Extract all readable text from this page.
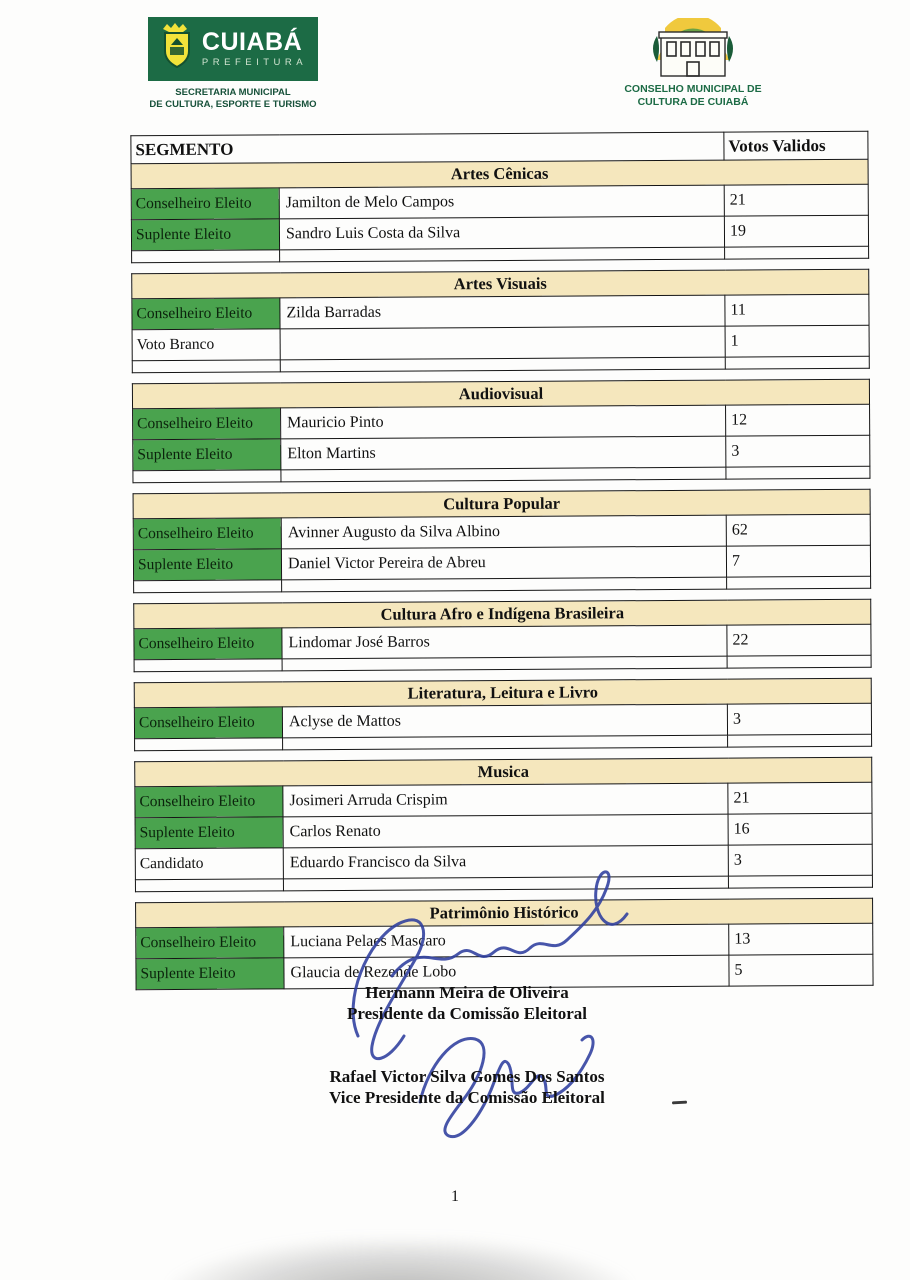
CUIABÁ
PREFEITURA
SECRETARIA MUNICIPAL
DE CULTURA, ESPORTE E TURISMO
CONSELHO MUNICIPAL DE
CULTURA DE CUIABÁ
SEGMENTO		Votos Validos
Artes Cênicas		
Conselheiro Eleito	Jamilton de Melo Campos	21
Suplente Eleito	Sandro Luis Costa da Silva	19

Artes Visuais		
Conselheiro Eleito	Zilda Barradas	11
Voto Branco		1

Audiovisual		
Conselheiro Eleito	Mauricio Pinto	12
Suplente Eleito	Elton Martins	3

Cultura Popular		
Conselheiro Eleito	Avinner Augusto da Silva Albino	62
Suplente Eleito	Daniel Victor Pereira de Abreu	7

Cultura Afro e Indígena Brasileira		
Conselheiro Eleito	Lindomar José Barros	22

Literatura, Leitura e Livro		
Conselheiro Eleito	Aclyse de Mattos	3

Musica		
Conselheiro Eleito	Josimeri Arruda Crispim	21
Suplente Eleito	Carlos Renato	16
Candidato	Eduardo Francisco da Silva	3

Patrimônio Histórico		
Conselheiro Eleito	Luciana Pelaes Mascaro	13
Suplente Eleito	Glaucia de Rezende Lobo	5
Hermann Meira de Oliveira
Presidente da Comissão Eleitoral
Rafael Victor Silva Gomes Dos Santos
Vice Presidente da Comissão Eleitoral
1
